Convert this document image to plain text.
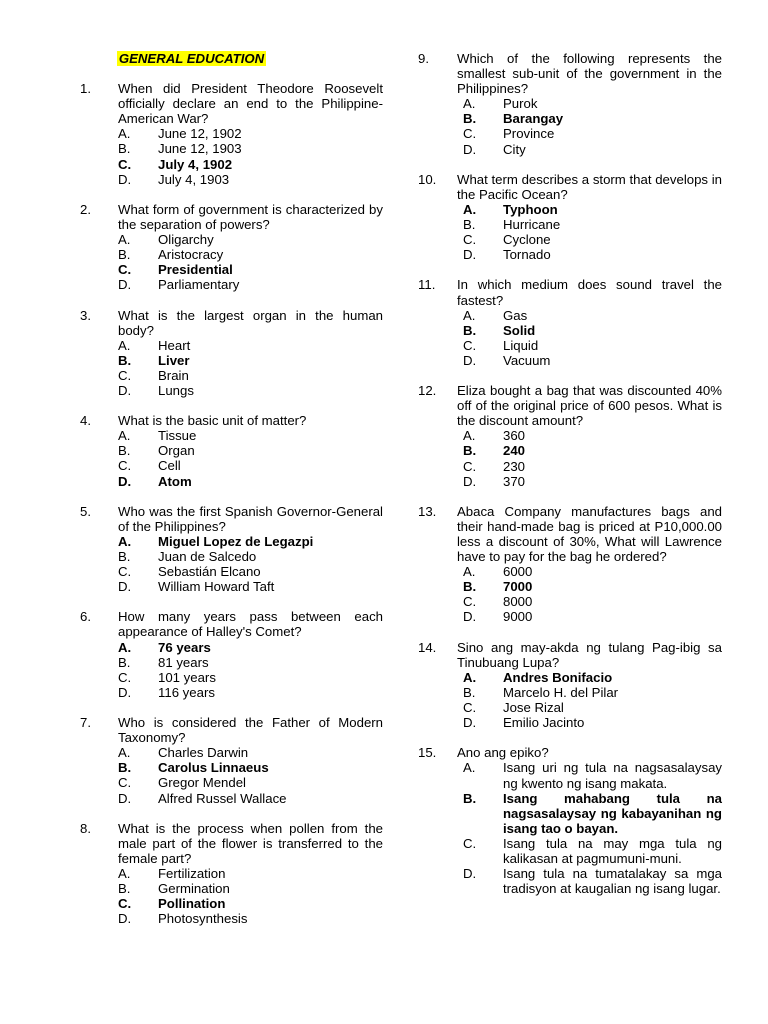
GENERAL EDUCATION
1. When did President Theodore Roosevelt officially declare an end to the Philippine- American War?
A.	June 12, 1902
B.	June 12, 1903
C.	July 4, 1902
D.	July 4, 1903
2. What form of government is characterized by the separation of powers?
A.	Oligarchy
B.	Aristocracy
C.	Presidential
D.	Parliamentary
3. What is the largest organ in the human body?
A.	Heart
B.	Liver
C.	Brain
D.	Lungs
4. What is the basic unit of matter?
A.	Tissue
B.	Organ
C.	Cell
D.	Atom
5. Who was the first Spanish Governor-General of the Philippines?
A.	Miguel Lopez de Legazpi
B.	Juan de Salcedo
C.	Sebastián Elcano
D.	William Howard Taft
6. How many years pass between each appearance of Halley's Comet?
A.	76 years
B.	81 years
C.	101 years
D.	116 years
7. Who is considered the Father of Modern Taxonomy?
A.	Charles Darwin
B.	Carolus Linnaeus
C.	Gregor Mendel
D.	Alfred Russel Wallace
8. What is the process when pollen from the male part of the flower is transferred to the female part?
A.	Fertilization
B.	Germination
C.	Pollination
D.	Photosynthesis
9. Which of the following represents the smallest sub-unit of the government in the Philippines?
A.	Purok
B.	Barangay
C.	Province
D.	City
10. What term describes a storm that develops in the Pacific Ocean?
A.	Typhoon
B.	Hurricane
C.	Cyclone
D.	Tornado
11. In which medium does sound travel the fastest?
A.	Gas
B.	Solid
C.	Liquid
D.	Vacuum
12. Eliza bought a bag that was discounted 40% off of the original price of 600 pesos. What is the discount amount?
A.	360
B.	240
C.	230
D.	370
13. Abaca Company manufactures bags and their hand-made bag is priced at P10,000.00 less a discount of 30%, What will Lawrence have to pay for the bag he ordered?
A.	6000
B.	7000
C.	8000
D.	9000
14. Sino ang may-akda ng tulang Pag-ibig sa Tinubuang Lupa?
A.	Andres Bonifacio
B.	Marcelo H. del Pilar
C.	Jose Rizal
D.	Emilio Jacinto
15. Ano ang epiko?
A.	Isang uri ng tula na nagsasalaysay ng kwento ng isang makata.
B.	Isang mahabang tula na nagsasalaysay ng kabayanihan ng isang tao o bayan.
C.	Isang tula na may mga tula ng kalikasan at pagmumuni-muni.
D.	Isang tula na tumatalakay sa mga tradisyon at kaugalian ng isang lugar.
